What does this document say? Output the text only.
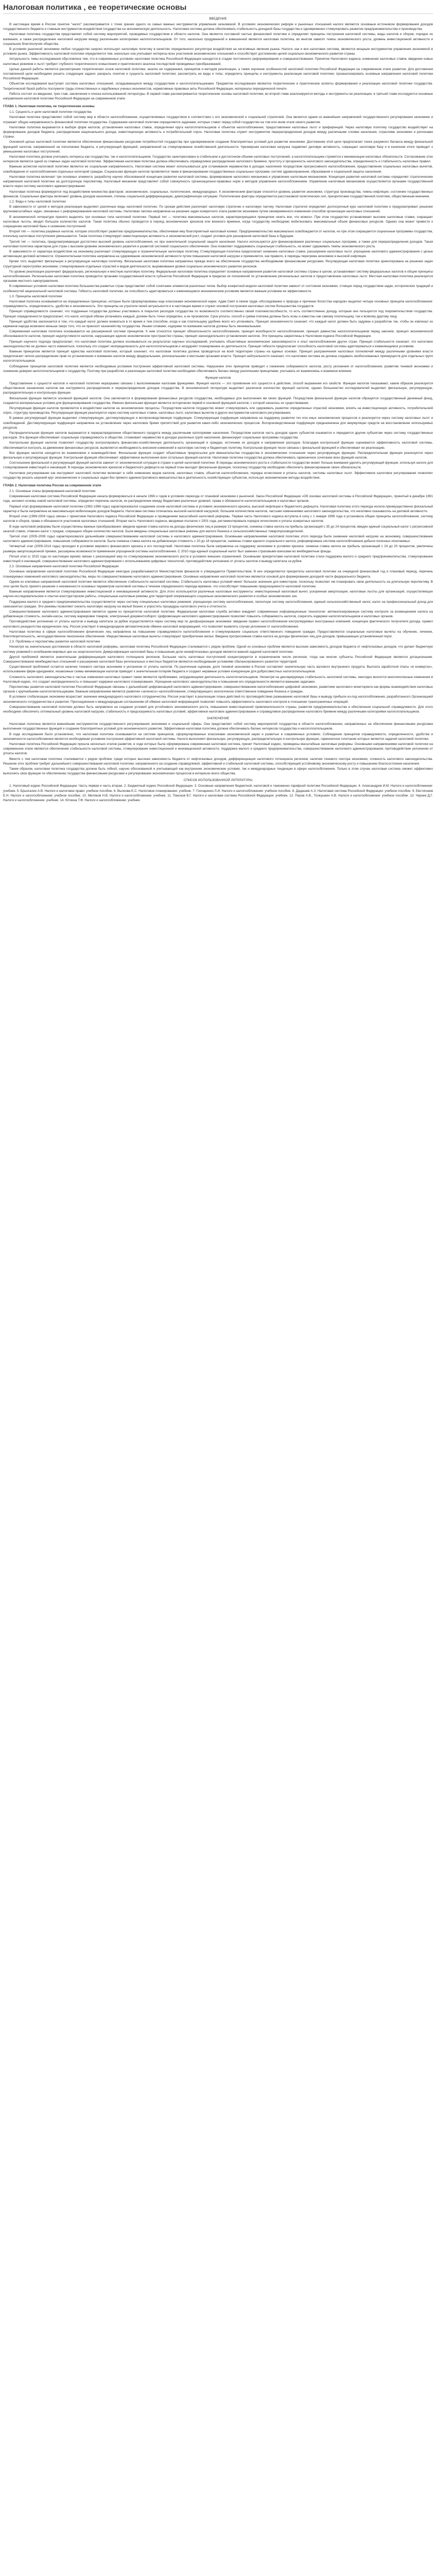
Налоговая политика , ее теоретические основы
ВВЕДЕНИЕ

В настоящее время в России понятие "налог" рассматривается с точки зрения одного из самых важных инструментов управления экономикой. В условиях экономических реформ и рыночных отношений налоги являются основным источником формирования доходов государственного бюджета и главным инструментом воздействия государства на экономическую деятельность. Налоговая система должна обеспечивать стабильность доходной базы государства и одновременно стимулировать развитие предпринимательства и производства.

Налоговая политика государства представляет собой систему мероприятий, проводимых государством в области налогов. Она является составной частью финансовой политики и определяет принципы построения налоговой системы, виды налогов и сборов, порядок их взимания, а также распределение налоговой нагрузки между различными категориями налогоплательщиков. От того, насколько продуманной и взвешенной является налоговая политика, во многом зависят темпы экономического роста, уровень инвестиционной активности и социальное благополучие общества.

В условиях рыночной экономики любое государство широко использует налоговую политику в качестве определенного регулятора воздействия на негативные явления рынка. Налоги, как и вся налоговая система, являются мощным инструментом управления экономикой в условиях рынка. Эффективность налоговой политики определяется тем, насколько она учитывает интересы всех участников экономических отношений и способствует достижению целей социально-экономического развития страны.

Актуальность темы исследования обусловлена тем, что в современных условиях налоговая политика Российской Федерации находится в стадии постоянного реформирования и совершенствования. Принятие Налогового кодекса, изменение налоговых ставок, введение новых налоговых режимов и льгот требуют глубокого теоретического осмысления и практического анализа последствий проводимых преобразований.

Целью данной работы является рассмотрение теоретических основ налоговой политики, анализ ее содержания, принципов и методов реализации, а также изучение особенностей налоговой политики Российской Федерации на современном этапе развития. Для достижения поставленной цели необходимо решить следующие задачи: раскрыть понятие и сущность налоговой политики; рассмотреть ее виды и типы; определить принципы и инструменты реализации налоговой политики; проанализировать основные направления налоговой политики Российской Федерации.

Объектом исследования выступает система налоговых отношений, складывающихся между государством и налогоплательщиками. Предметом исследования являются теоретические и практические аспекты формирования и реализации налоговой политики государства. Теоретической базой работы послужили труды отечественных и зарубежных ученых-экономистов, нормативные правовые акты Российской Федерации, материалы периодической печати.

Работа состоит из введения, трех глав, заключения и списка использованной литературы. В первой главе рассматриваются теоретические основы налоговой политики, во второй главе анализируются методы и инструменты ее реализации, в третьей главе исследуются основные направления налоговой политики Российской Федерации на современном этапе.

ГЛАВА 1. Налоговая политика, ее теоретические основы

1.1. Сущность и цели налоговой политики государства

Налоговая политика представляет собой систему мер в области налогообложения, осуществляемых государством в соответствии с его экономической и социальной стратегией. Она является одним из важнейших направлений государственного регулирования экономики и отражает общую направленность финансовой политики государства. Содержание налоговой политики определяется задачами, которые ставит перед собой государство на том или ином этапе своего развития.

Налоговая политика выражается в выборе форм налогов, установлении налоговых ставок, определении круга налогоплательщиков и объектов налогообложения, предоставлении налоговых льгот и преференций. Через налоговую политику государство воздействует на формирование доходов бюджета, распределение национального дохода, инвестиционную активность и потребительский спрос. Налоговая политика служит инструментом перераспределения доходов между различными слоями населения, отраслями экономики и регионами страны.

Основной целью налоговой политики является обеспечение финансовыми ресурсами потребностей государства при одновременном создании благоприятных условий для развития экономики. Достижение этой цели предполагает поиск разумного баланса между фискальной функцией налогов, направленной на пополнение бюджета, и регулирующей функцией, направленной на стимулирование хозяйственной деятельности. Чрезмерная налоговая нагрузка подавляет деловую активность, сокращает налоговую базу и в конечном итоге приводит к уменьшению налоговых поступлений.

Налоговая политика должна учитывать интересы как государства, так и налогоплательщиков. Государство заинтересовано в стабильном и достаточном объеме налоговых поступлений, а налогоплательщики стремятся к минимизации налоговых обязательств. Согласование этих интересов является одной из главных задач налоговой политики. Эффективная налоговая политика должна обеспечивать справедливое распределение налогового бремени, простоту и прозрачность налогового законодательства, определенность и стабильность налоговых правил.

Важным аспектом налоговой политики является ее социальная направленность. Налоговая система может использоваться для сглаживания неравенства в доходах населения посредством прогрессивного налогообложения, предоставления социальных налоговых вычетов, освобождения от налогообложения отдельных категорий граждан. Социальная функция налогов проявляется также в финансировании государственных социальных программ, систем здравоохранения, образования и социальной защиты населения.

Налоговая политика включает три основных элемента: разработку научно обоснованной концепции развития налоговой системы, формирование налогового механизма и управление налоговым механизмом. Концепция развития налоговой системы определяет стратегические направления налоговой политики на долгосрочную перспективу. Налоговый механизм представляет собой совокупность организационно-правовых норм и методов управления налогообложением. Управление налоговым механизмом осуществляется органами государственной власти через систему налогового администрирования.

Налоговая политика формируется под воздействием множества факторов: экономических, социальных, политических, международных. К экономическим факторам относятся уровень развития экономики, структура производства, темпы инфляции, состояние государственных финансов. Социальные факторы включают уровень доходов населения, степень социальной дифференциации, демографическую ситуацию. Политические факторы определяются расстановкой политических сил, приоритетами государственной политики, общественным мнением.

1.2. Виды и типы налоговой политики

В зависимости от целей и методов реализации выделяют различные виды налоговой политики. По срокам действия различают налоговую стратегию и налоговую тактику. Налоговая стратегия определяет долгосрочный курс налоговой политики и предусматривает решение крупномасштабных задач, связанных с реформированием налоговой системы. Налоговая тактика направлена на решение задач конкретного этапа развития экономики путем своевременного изменения способов организации налоговых отношений.

В экономической литературе принято выделять три основных типа налоговой политики. Первый тип — политика максимальных налогов, характеризующаяся принципом «взять все, что можно». При этом государство устанавливает высокие налоговые ставки, сокращает налоговые льготы, вводит большое количество налогов. Такая политика обычно проводится в период экономических кризисов или военного времени, когда государству необходимо мобилизовать максимальный объем финансовых ресурсов. Однако она может привести к сокращению налоговой базы и снижению поступлений.

Второй тип — политика разумных налогов, которая способствует развитию предпринимательства, обеспечивая ему благоприятный налоговый климат. Предпринимательство максимально освобождается от налогов, но при этом сокращаются социальные программы государства, поскольку налоговые поступления уменьшаются. Такая политика стимулирует инвестиционную активность и экономический рост, создает условия для расширения налоговой базы в будущем.

Третий тип — политика, предусматривающая достаточно высокий уровень налогообложения, но при значительной социальной защите населения. Налоги используются для финансирования различных социальных программ, а также для перераспределения доходов. Такая налоговая политика характерна для стран с высоким уровнем экономического развития и развитой системой социального обеспечения. Она позволяет поддерживать социальную стабильность, но может сдерживать темпы экономического роста.

В зависимости от характера воздействия на экономику различают стимулирующую и ограничительную налоговую политику. Стимулирующая политика предполагает снижение налоговых ставок, расширение налоговых льгот, упрощение налогового администрирования с целью активизации деловой активности. Ограничительная политика направлена на сдерживание экономической активности путем повышения налоговой нагрузки и применяется, как правило, в периоды перегрева экономики и высокой инфляции.

Кроме того, выделяют фискальную и регулирующую налоговую политику. Фискальная налоговая политика направлена прежде всего на обеспечение государства необходимыми финансовыми ресурсами. Регулирующая налоговая политика ориентирована на решение задач структурной перестройки экономики, стимулирования отдельных отраслей и видов деятельности, выравнивания уровня социально-экономического развития регионов.

По уровню реализации различают федеральную, региональную и местную налоговую политику. Федеральная налоговая политика определяет основные направления развития налоговой системы страны в целом, устанавливает систему федеральных налогов и общие принципы налогообложения. Региональная налоговая политика проводится органами государственной власти субъектов Российской Федерации в пределах их полномочий по установлению региональных налогов и предоставлению налоговых льгот. Местная налоговая политика реализуется органами местного самоуправления.

В современных условиях налоговая политика большинства развитых стран представляет собой сочетание элементов различных типов. Выбор конкретной модели налоговой политики зависит от состояния экономики, стоящих перед государством задач, исторических традиций и особенностей национальной налоговой системы. Гибкость налоговой политики, ее способность адаптироваться к изменяющимся экономическим условиям является важным условием ее эффективности.

1.3. Принципы налоговой политики

Налоговая политика основывается на определенных принципах, которые были сформулированы еще классиками экономической науки. Адам Смит в своем труде «Исследование о природе и причинах богатства народов» выделил четыре основных принципа налогообложения: справедливость, определенность, удобство и экономичность. Эти принципы не утратили своей актуальности и в настоящее время и служат основой построения налоговых систем большинства государств.

Принцип справедливости означает, что подданные государства должны участвовать в покрытии расходов государства по возможности соответственно своей платежеспособности, то есть соответственно доходу, которым они пользуются под покровительством государства. Принцип определенности предполагает, что налог, который обязан уплачивать каждый, должен быть точно определен, а не произволен. Срок уплаты, способ и сумма платежа должны быть ясны и известны как самому плательщику, так и всякому другому лицу.

Принцип удобства заключается в том, что каждый налог должен взиматься в то время и тем способом, когда и как плательщику удобнее всего его уплачивать. Принцип экономичности означает, что каждый налог должен быть задуман и разработан так, чтобы он извлекал из карманов народа возможно меньше сверх того, что он приносит казначейству государства. Иными словами, издержки по взиманию налогов должны быть минимальными.

Современная налоговая политика основывается на расширенной системе принципов. К ним относятся принцип обязательности налогообложения, принцип всеобщности налогообложения, принцип равенства налогоплательщиков перед законом, принцип экономической обоснованности налогов, принцип недопустимости налогов, нарушающих единое экономическое пространство страны, принцип законодательного установления налогов. Эти принципы закреплены в Налоговом кодексе Российской Федерации.

Принцип научного подхода предполагает, что налоговая политика должна основываться на результатах научных исследований, учитывать объективные экономические закономерности и опыт налогообложения других стран. Принцип стабильности означает, что налоговое законодательство не должно часто изменяться, поскольку это создает неопределенность для налогоплательщиков и затрудняет планирование их деятельности. Принцип гибкости предполагает способность налоговой системы адаптироваться к изменяющимся условиям.

Важным принципом является принцип единства налоговой политики, который означает, что налоговая политика должна проводиться на всей территории страны на единых основах. Принцип разграничения налоговых полномочий между различными уровнями власти предполагает четкое распределение прав по установлению и взиманию налогов между федеральными, региональными и местными органами власти. Принцип нейтральности означает, что налоговая система не должна создавать необоснованных преимуществ для отдельных групп налогоплательщиков.

Соблюдение принципов налоговой политики является необходимым условием построения эффективной налоговой системы. Нарушение этих принципов приводит к снижению собираемости налогов, росту уклонения от налогообложения, развитию теневой экономики и снижению доверия налогоплательщиков к государству. Поэтому при разработке и реализации налоговой политики необходимо обеспечивать баланс между различными принципами, учитывать их взаимосвязь и взаимное влияние.

Функции налогов

Представление о сущности налогов и налоговой политики неразрывно связано с выполняемыми налогами функциями. Функция налога — это проявление его сущности в действии, способ выражения его свойств. Функции налогов показывают, каким образом реализуется общественное назначение налогов как инструмента распределения и перераспределения доходов государства. В экономической литературе выделяют различное количество функций налогов, однако большинство исследователей выделяют фискальную, регулирующую, распределительную и контрольную функции.

Фискальная функция является основной функцией налогов. Она заключается в формировании финансовых ресурсов государства, необходимых для выполнения им своих функций. Посредством фискальной функции налогов образуется государственный денежный фонд, создаются материальные условия для функционирования государства. Именно фискальная функция является исторически первой и основной функцией налогов, с которой началось их существование.

Регулирующая функция налогов проявляется в воздействии налогов на экономические процессы. Посредством налогов государство может стимулировать или сдерживать развитие определенных отраслей экономики, влиять на инвестиционную активность, потребительский спрос, структуру производства. Регулирующая функция реализуется через систему налоговых ставок, налоговых льгот, налоговых вычетов и других инструментов налогового регулирования.

В рамках регулирующей функции выделяют стимулирующую, дестимулирующую и воспроизводственную подфункции. Стимулирующая подфункция направлена на поддержку развития тех или иных экономических процессов и реализуется через систему налоговых льгот и освобождений. Дестимулирующая подфункция направлена на установление через налоговое бремя препятствий для развития каких-либо экономических процессов. Воспроизводственная подфункция предназначена для аккумуляции средств на восстановление используемых ресурсов.

Распределительная функция налогов выражается в перераспределении общественного продукта между различными категориями населения. Посредством налогов часть доходов одних субъектов изымается и передается другим субъектам через систему государственных расходов. Эта функция обеспечивает социальную справедливость в обществе, сглаживает неравенство в доходах различных групп населения, финансирует социальные программы государства.

Контрольная функция налогов позволяет государству контролировать финансово-хозяйственную деятельность организаций и граждан, источники их доходов и направления расходов. Благодаря контрольной функции оценивается эффективность налоговой системы, обеспечивается контроль за движением финансовых ресурсов, выявляется необходимость внесения изменений в налоговую систему и бюджетную политику. Контрольная функция тесно связана с фискальной функцией и обеспечивает ее реализацию.

Все функции налогов находятся во взаимосвязи и взаимодействии. Фискальная функция создает объективные предпосылки для вмешательства государства в экономические отношения через регулирующую функцию. Распределительная функция реализуется через фискальную и регулирующую функции. Контрольная функция обеспечивает эффективное выполнение всех остальных функций налогов. Налоговая политика государства должна обеспечивать гармоничное сочетание всех функций налогов.

Соотношение фискальной и регулирующей функций налогов зависит от экономической ситуации в стране и целей налоговой политики. В периоды экономического роста и стабильности государство может больше внимания уделять регулирующей функции, используя налоги для стимулирования инвестиций и инноваций. В периоды экономических кризисов и бюджетного дефицита на первый план выходит фискальная функция, поскольку государству необходимо обеспечить финансирование своих обязательств.

Налоговое регулирование как инструмент налоговой политики включает в себя изменение видов налогов, налоговых ставок, объектов налогообложения, порядка исчисления и уплаты налогов, системы налоговых льгот. Эффективное налоговое регулирование позволяет государству решать широкий круг экономических и социальных задач без прямого административного вмешательства в деятельность хозяйствующих субъектов, используя экономические методы воздействия.

ГЛАВА 2. Налоговая политика России на современном этапе

2.1. Основные этапы формирования налоговой политики

Современная налоговая система Российской Федерации начала формироваться в начале 1990-х годов в условиях перехода от плановой экономики к рыночной. Закон Российской Федерации «Об основах налоговой системы в Российской Федерации», принятый в декабре 1991 года, заложил основы новой налоговой системы, определил перечень налогов, их распределение между бюджетами различных уровней, права и обязанности налогоплательщиков и налоговых органов.

Первый этап формирования налоговой политики (1992-1998 годы) характеризовался созданием основ налоговой системы в условиях экономического кризиса, высокой инфляции и бюджетного дефицита. Налоговая политика этого периода носила преимущественно фискальный характер и была направлена на максимальную мобилизацию доходов бюджета. Налоговая система отличалась высокой налоговой нагрузкой, большим количеством налогов, частыми изменениями налогового законодательства, что негативно сказывалось на деловой активности.

Второй этап (1999-2004 годы) связан с принятием Налогового кодекса Российской Федерации и проведением масштабной налоговой реформы. Первая часть Налогового кодекса вступила в силу с 1 января 1999 года и установила общие принципы налогообложения, систему налогов и сборов, права и обязанности участников налоговых отношений. Вторая часть Налогового кодекса, вводимая поэтапно с 2001 года, регламентировала порядок исчисления и уплаты конкретных налогов.

В ходе налоговой реформы были осуществлены важные преобразования: введена единая ставка налога на доходы физических лиц в размере 13 процентов, снижена ставка налога на прибыль организаций с 35 до 24 процентов, введен единый социальный налог с регрессивной шкалой ставок, отменен налог с продаж, сокращено общее количество налогов. Были введены специальные налоговые режимы для малого бизнеса и сельскохозяйственных товаропроизводителей.

Третий этап (2005-2008 годы) характеризовался дальнейшим совершенствованием налоговой системы и налогового администрирования. Основными направлениями налоговой политики этого периода были снижение налоговой нагрузки на экономику, совершенствование налогового администрирования, повышение собираемости налогов. Была снижена ставка налога на добавленную стоимость с 20 до 18 процентов, снижены ставки единого социального налога, реформирована система налогообложения добычи полезных ископаемых.

Четвертый этап (2009-2014 годы) проходил в условиях мирового финансового кризиса и его последствий. Налоговая политика была направлена на поддержку экономики в условиях кризиса: снижена ставка налога на прибыль организаций с 24 до 20 процентов, увеличены размеры амортизационной премии, расширены возможности применения упрощенной системы налогообложения. С 2010 года единый социальный налог был заменен страховыми взносами во внебюджетные фонды.

Пятый этап (с 2015 года по настоящее время) связан с реализацией мер по стимулированию экономического роста в условиях внешних ограничений. Основными приоритетами налоговой политики стали поддержка малого и среднего предпринимательства, стимулирование инвестиций и инноваций, совершенствование налогового администрирования с использованием цифровых технологий, противодействие уклонению от уплаты налогов и выводу капитала за рубеж.

2.2. Основные направления налоговой политики Российской Федерации

Основные направления налоговой политики Российской Федерации ежегодно разрабатываются Министерством финансов и утверждаются Правительством. В них определяются приоритеты налоговой политики на очередной финансовый год и плановый период, перечень планируемых изменений налогового законодательства, меры по совершенствованию налогового администрирования. Основные направления налоговой политики являются основой для формирования доходной части федерального бюджета.

Одним из ключевых направлений налоговой политики является обеспечение стабильности налоговой системы. Стабильность налоговых условий имеет большое значение для инвесторов, поскольку позволяет им планировать свою деятельность на длительную перспективу. В этих целях было принято решение о неизменности основных параметров налоговой системы в течение определенного периода времени, что способствует повышению предсказуемости налоговой политики.

Важным направлением является стимулирование инвестиционной и инновационной активности. Для этого используются различные налоговые инструменты: инвестиционный налоговый вычет, ускоренная амортизация, налоговые льготы для организаций, осуществляющих научно-исследовательские и опытно-конструкторские работы, специальные налоговые режимы для территорий опережающего социально-экономического развития и особых экономических зон.

Поддержка малого и среднего предпринимательства осуществляется через систему специальных налоговых режимов: упрощенную систему налогообложения, патентную систему налогообложения, единый сельскохозяйственный налог, налог на профессиональный доход для самозанятых граждан. Эти режимы позволяют снизить налоговую нагрузку на малый бизнес и упростить процедуры налогового учета и отчетности.

Совершенствование налогового администрирования является одним из приоритетов налоговой политики. Федеральная налоговая служба активно внедряет современные информационные технологии: автоматизированную систему контроля за возмещением налога на добавленную стоимость, онлайн-кассы, систему маркировки товаров, электронный документооборот. Цифровизация налогового администрирования позволяет повысить собираемость налогов, сократить издержки налогоплательщиков и налоговых органов.

Противодействие уклонению от уплаты налогов и выводу капитала за рубеж осуществляется через систему мер по деофшоризации экономики: введение правил налогообложения контролируемых иностранных компаний, концепции фактического получателя дохода, правил налогового резидентства юридических лиц. Россия участвует в международном автоматическом обмене налоговой информацией, что позволяет выявлять случаи уклонения от налогообложения.

Налоговая политика в сфере налогообложения физических лиц направлена на повышение справедливости налогообложения и стимулирование социально ответственного поведения граждан. Предоставляются социальные налоговые вычеты на обучение, лечение, благотворительность, негосударственное пенсионное обеспечение. Имущественные налоговые вычеты стимулируют приобретение жилья. Введена прогрессивная ставка налога на доходы физических лиц для доходов, превышающих установленный порог.

2.3. Проблемы и перспективы развития налоговой политики

Несмотря на значительные достижения в области налоговой реформы, налоговая политика Российской Федерации сталкивается с рядом проблем. Одной из основных проблем является высокая зависимость доходов бюджета от нефтегазовых доходов, что делает бюджетную систему уязвимой к колебаниям мировых цен на энергоносители. Диверсификация налоговой базы и повышение доли ненефтегазовых доходов является важной задачей налоговой политики.

Другой проблемой является значительная дифференциация налогового потенциала регионов. Большая часть налоговых поступлений концентрируется в ограниченном числе регионов, тогда как многие субъекты Российской Федерации являются дотационными. Совершенствование межбюджетных отношений и расширение налоговой базы региональных и местных бюджетов являются необходимыми условиями сбалансированного развития территорий.

Существенной проблемой остается наличие теневого сектора экономики и уклонение от уплаты налогов. По различным оценкам, доля теневой экономики в России составляет значительную часть валового внутреннего продукта. Выплата заработной платы «в конвертах», использование фирм-однодневок, незаконные схемы минимизации налогов приводят к значительным потерям бюджета и создают неравные условия конкуренции для добросовестных налогоплательщиков.

Сложность налогового законодательства и частые изменения налоговых правил также являются проблемами, затрудняющими деятельность налогоплательщиков. Несмотря на декларируемую стабильность налоговой системы, ежегодно вносятся многочисленные изменения в Налоговый кодекс, что создает неопределенность и повышает издержки налогового планирования. Упрощение налогового законодательства и повышение его определенности являются важными задачами.

Перспективы развития налоговой политики Российской Федерации связаны с дальнейшей цифровизацией налогового администрирования, совершенствованием налогообложения цифровой экономики, развитием налогового мониторинга как формы взаимодействия налоговых органов с крупнейшими налогоплательщиками. Важным направлением является развитие «зеленого» налогообложения, стимулирующего экологически ответственное поведение бизнеса и граждан.

В условиях глобализации экономики возрастает значение международного налогового сотрудничества. Россия участвует в реализации плана действий по противодействию размыванию налоговой базы и выводу прибыли из-под налогообложения, разработанного Организацией экономического сотрудничества и развития. Присоединение к международным соглашениям об обмене налоговой информацией позволяет повысить эффективность налогового контроля в отношении трансграничных операций.

Совершенствование налоговой политики должно быть направлено на создание условий для устойчивого экономического роста, повышения инвестиционной привлекательности страны, развития предпринимательства и обеспечения социальной справедливости. Для этого необходимо обеспечить оптимальный уровень налоговой нагрузки, стабильность и предсказуемость налоговых условий, эффективное налоговое администрирование и справедливое распределение налогового бремени между различными категориями налогоплательщиков.

ЗАКЛЮЧЕНИЕ

Налоговая политика является важнейшим инструментом государственного регулирования экономики и социальной сферы. Она представляет собой систему мероприятий государства в области налогообложения, направленных на обеспечение финансовыми ресурсами выполнения государственных функций и создание благоприятных условий для экономического развития. Эффективная налоговая политика должна обеспечивать баланс интересов государства и налогоплательщиков.

В ходе исследования было установлено, что налоговая политика основывается на системе принципов, сформулированных классиками экономической науки и развитых в современных условиях. Соблюдение принципов справедливости, определенности, удобства и экономичности налогообложения является необходимым условием построения эффективной налоговой системы. Налоги выполняют фискальную, регулирующую, распределительную и контрольную функции, гармоничное сочетание которых является задачей налоговой политики.

Налоговая политика Российской Федерации прошла несколько этапов развития, в ходе которых была сформирована современная налоговая система, принят Налоговый кодекс, проведены масштабные налоговые реформы. Основными направлениями налоговой политики на современном этапе являются обеспечение стабильности налоговой системы, стимулирование инвестиционной и инновационной активности, поддержка малого и среднего предпринимательства, совершенствование налогового администрирования, противодействие уклонению от уплаты налогов.

Вместе с тем налоговая политика сталкивается с рядом проблем, среди которых высокая зависимость бюджета от нефтегазовых доходов, дифференциация налогового потенциала регионов, наличие теневого сектора экономики, сложность налогового законодательства. Решение этих проблем требует дальнейшего совершенствования налоговой политики, направленного на создание справедливой, эффективной и стабильной налоговой системы, способствующей устойчивому экономическому росту и повышению благосостояния населения.

Таким образом, налоговая политика государства должна быть гибкой, научно обоснованной и учитывающей как внутренние экономические условия, так и международные тенденции в сфере налогообложения. Только в этом случае налоговая система сможет эффективно выполнять свои функции по обеспечению государства финансовыми ресурсами и регулированию экономических процессов в интересах всего общества.

СПИСОК ИСПОЛЬЗОВАННОЙ ЛИТЕРАТУРЫ

1. Налоговый кодекс Российской Федерации. Часть первая и часть вторая. 2. Бюджетный кодекс Российской Федерации. 3. Основные направления бюджетной, налоговой и таможенно-тарифной политики Российской Федерации. 4. Александров И.М. Налоги и налогообложение: учебник. 5. Брызгалин А.В. Налоги и налоговое право: учебное пособие. 6. Вылкова Е.С. Налоговое планирование: учебник. 7. Гончаренко Л.И. Налоги и налогообложение: учебное пособие. 8. Дадашев А.З. Налоговая система Российской Федерации: учебное пособие. 9. Евстигнеев Е.Н. Налоги и налогообложение: учебное пособие. 10. Миляков Н.В. Налоги и налогообложение: учебник. 11. Пансков В.Г. Налоги и налоговая система Российской Федерации: учебник. 12. Перов А.В., Толкушкин А.В. Налоги и налогообложение: учебное пособие. 13. Черник Д.Г. Налоги и налогообложение: учебник. 14. Юткина Т.Ф. Налоги и налогообложение: учебник.
